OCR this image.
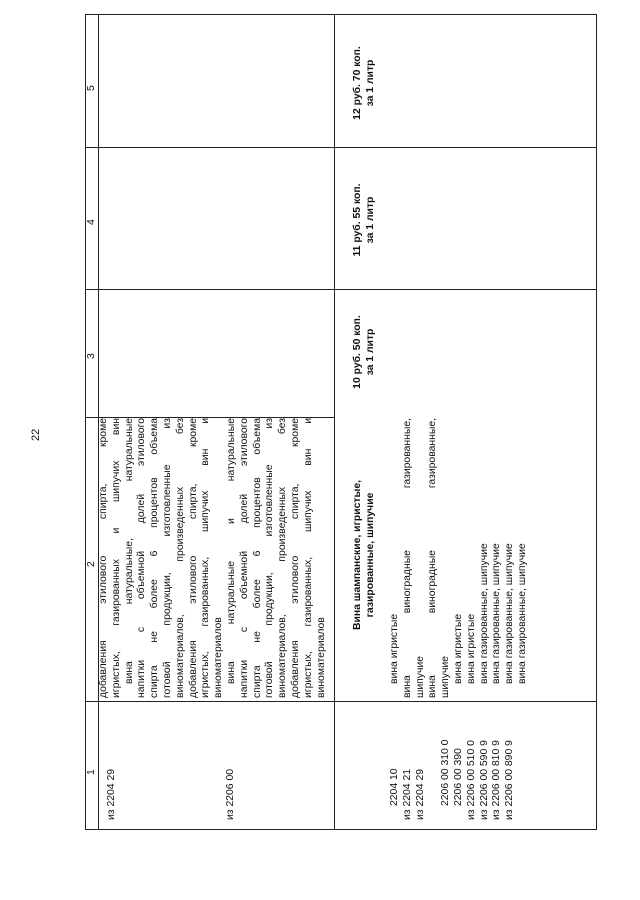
22
1
2
3
4
5
из 2204 29	из 2206 00
добавления этилового спирта, кроме игристых, газированных и шипучих вин вина натуральные, натуральные напитки с объемной долей этилового спирта не более 6 процентов объема готовой продукции, изготовленные из виноматериалов, произведенных без добавления этилового спирта, кроме игристых, газированных, шипучих вин и виноматериалов вина натуральные и натуральные напитки с объемной долей этилового спирта не более 6 процентов объема готовой продукции, изготовленные из виноматериалов, произведенных без добавления этилового спирта, кроме игристых, газированных, шипучих вин и виноматериалов
Вина шампанские, игристые, газированные, шипучие
2204 10 из 2204 21 из 2204 29 2206 00 310 0 2206 00 390 из 2206 00 510 0 из 2206 00 590 9 из 2206 00 810 9 из 2206 00 890 9
вина игристые вина виноградные газированные, шипучие вина виноградные газированные, шипучие вина игристые вина игристые вина газированные, шипучие вина газированные, шипучие вина газированные, шипучие вина газированные, шипучие
10 руб. 50 коп. за 1 литр
11 руб. 55 коп. за 1 литр
12 руб. 70 коп. за 1 литр
